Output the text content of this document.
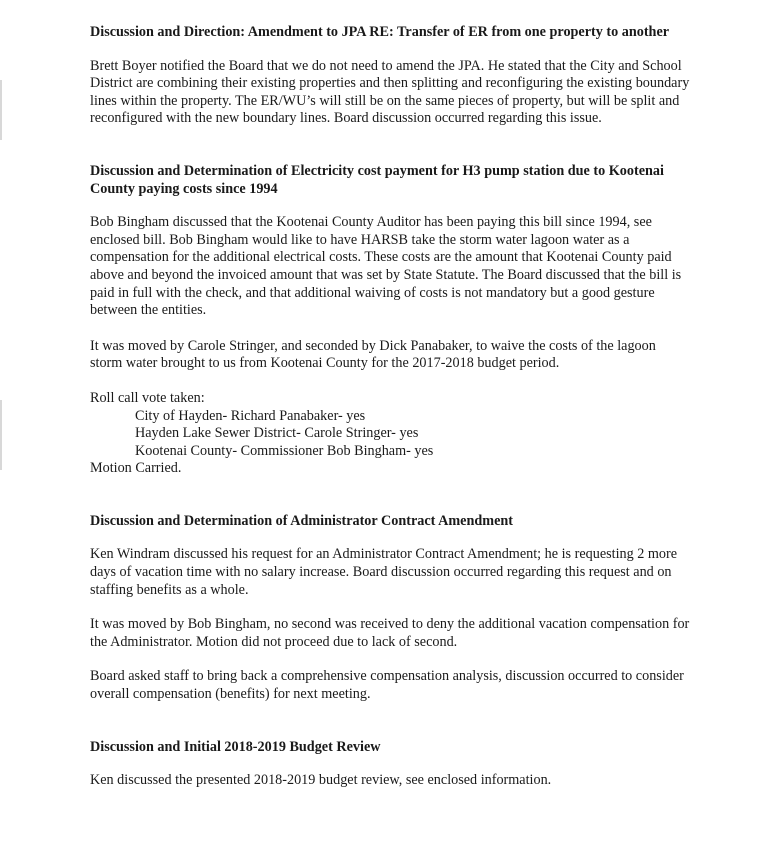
Discussion and Direction: Amendment to JPA RE: Transfer of ER from one property to another

Brett Boyer notified the Board that we do not need to amend the JPA. He stated that the City and School District are combining their existing properties and then splitting and reconfiguring the existing boundary lines within the property. The ER/WU’s will still be on the same pieces of property, but will be split and reconfigured with the new boundary lines. Board discussion occurred regarding this issue.

Discussion and Determination of Electricity cost payment for H3 pump station due to Kootenai County paying costs since 1994

Bob Bingham discussed that the Kootenai County Auditor has been paying this bill since 1994, see enclosed bill. Bob Bingham would like to have HARSB take the storm water lagoon water as a compensation for the additional electrical costs. These costs are the amount that Kootenai County paid above and beyond the invoiced amount that was set by State Statute. The Board discussed that the bill is paid in full with the check, and that additional waiving of costs is not mandatory but a good gesture between the entities.

It was moved by Carole Stringer, and seconded by Dick Panabaker, to waive the costs of the lagoon storm water brought to us from Kootenai County for the 2017-2018 budget period.

Roll call vote taken:
City of Hayden- Richard Panabaker- yes
Hayden Lake Sewer District- Carole Stringer- yes
Kootenai County- Commissioner Bob Bingham- yes
Motion Carried.

Discussion and Determination of Administrator Contract Amendment

Ken Windram discussed his request for an Administrator Contract Amendment; he is requesting 2 more days of vacation time with no salary increase. Board discussion occurred regarding this request and on staffing benefits as a whole.

It was moved by Bob Bingham, no second was received to deny the additional vacation compensation for the Administrator. Motion did not proceed due to lack of second.

Board asked staff to bring back a comprehensive compensation analysis, discussion occurred to consider overall compensation (benefits) for next meeting.

Discussion and Initial 2018-2019 Budget Review

Ken discussed the presented 2018-2019 budget review, see enclosed information.
